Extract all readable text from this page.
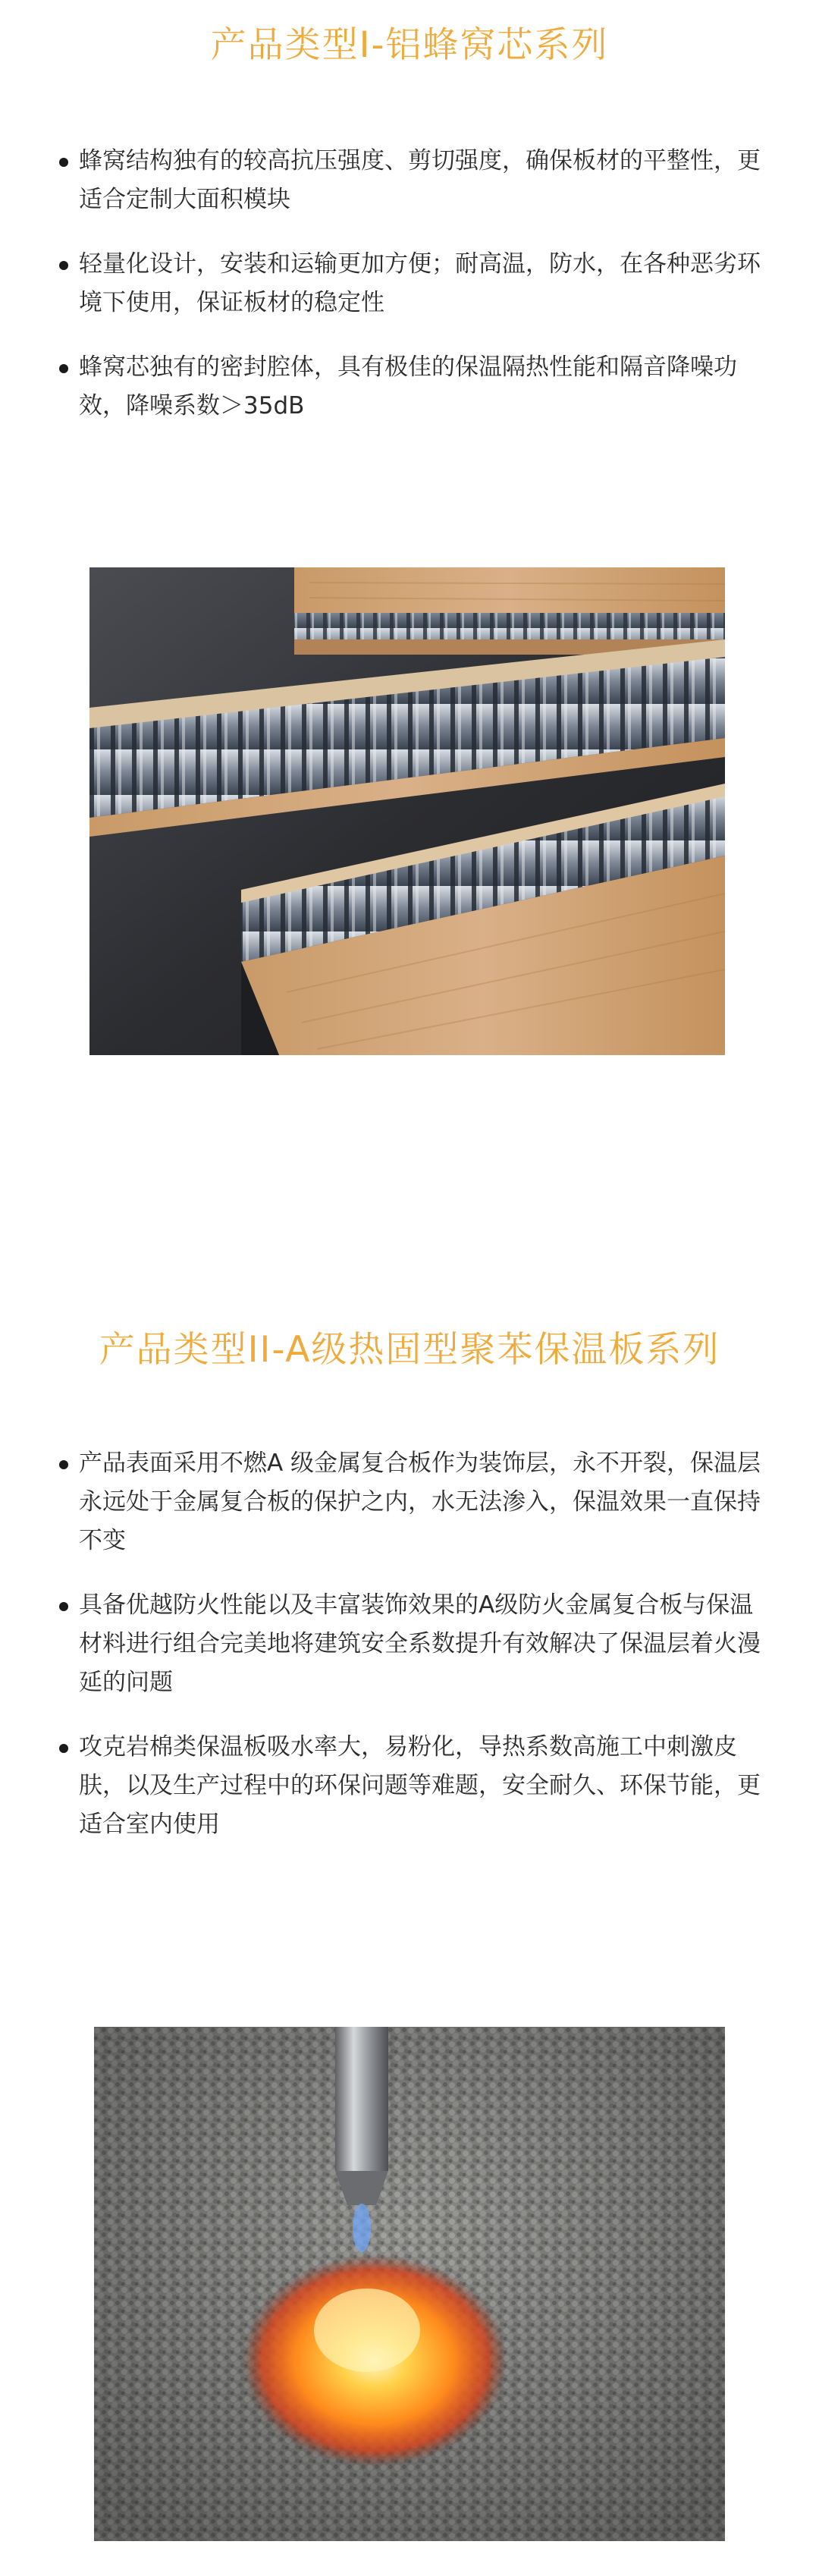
产品类型Ⅰ-铝蜂窝芯系列
蜂窝结构独有的较高抗压强度、剪切强度，确保板材的平整性，更适合定制大面积模块
轻量化设计，安装和运输更加方便；耐高温，防水，在各种恶劣环境下使用，保证板材的稳定性
蜂窝芯独有的密封腔体，具有极佳的保温隔热性能和隔音降噪功效，降噪系数＞35dB
产品类型II-A级热固型聚苯保温板系列
产品表面采用不燃A 级金属复合板作为装饰层，永不开裂，保温层永远处于金属复合板的保护之内，水无法渗入，保温效果一直保持不变
具备优越防火性能以及丰富装饰效果的A级防火金属复合板与保温材料进行组合完美地将建筑安全系数提升有效解决了保温层着火漫延的问题
攻克岩棉类保温板吸水率大，易粉化，导热系数高施工中刺激皮肤，以及生产过程中的环保问题等难题，安全耐久、环保节能，更适合室内使用
